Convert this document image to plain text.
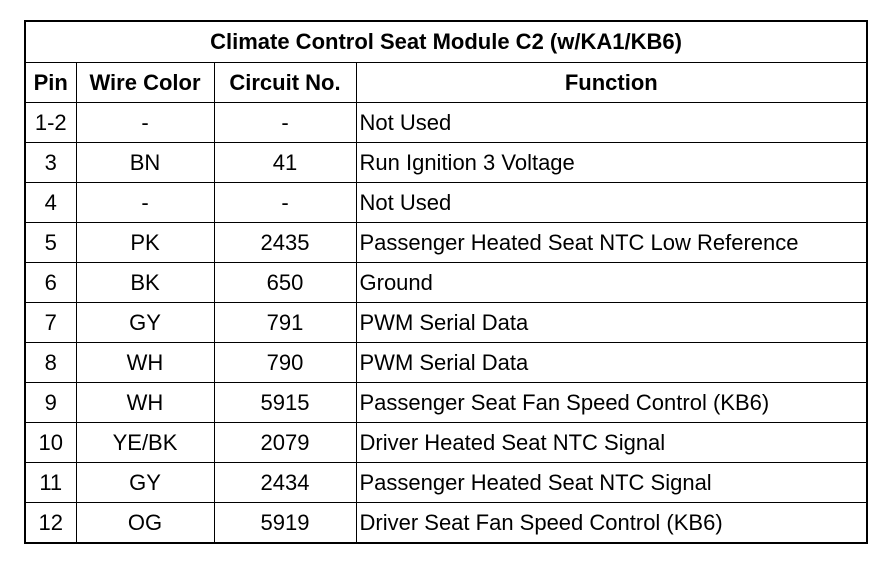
Climate Control Seat Module C2 (w/KA1/KB6)			
Pin	Wire Color	Circuit No.	Function
1-2	-	-	Not Used
3	BN	41	Run Ignition 3 Voltage
4	-	-	Not Used
5	PK	2435	Passenger Heated Seat NTC Low Reference
6	BK	650	Ground
7	GY	791	PWM Serial Data
8	WH	790	PWM Serial Data
9	WH	5915	Passenger Seat Fan Speed Control (KB6)
10	YE/BK	2079	Driver Heated Seat NTC Signal
11	GY	2434	Passenger Heated Seat NTC Signal
12	OG	5919	Driver Seat Fan Speed Control (KB6)
